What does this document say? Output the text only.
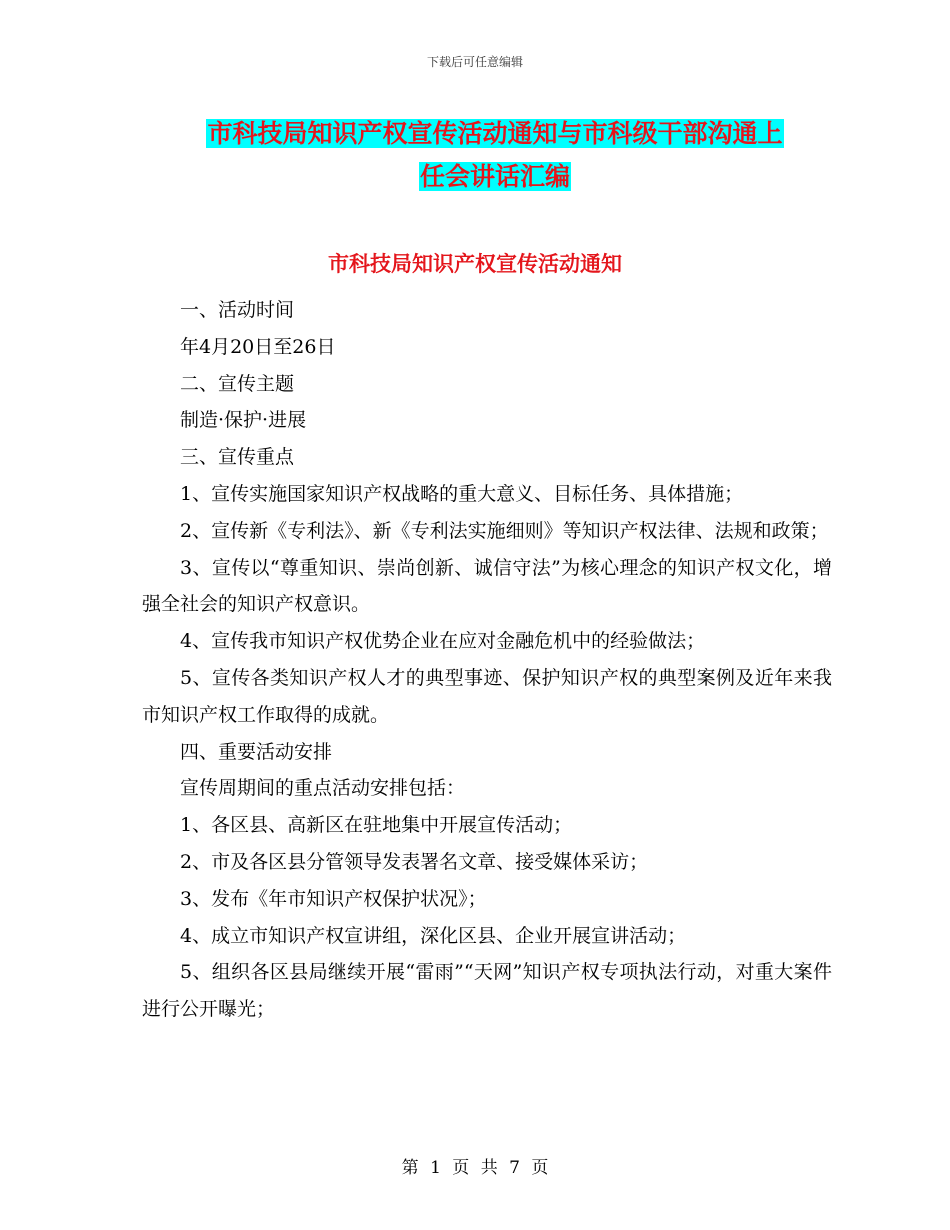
下载后可任意编辑
市科技局知识产权宣传活动通知与市科级干部沟通上
任会讲话汇编
市科技局知识产权宣传活动通知

一、活动时间

年4月20日至26日

二、宣传主题

制造·保护·进展

三、宣传重点

1、宣传实施国家知识产权战略的重大意义、目标任务、具体措施；

2、宣传新《专利法》、新《专利法实施细则》等知识产权法律、法规和政策；

3、宣传以“尊重知识、崇尚创新、诚信守法”为核心理念的知识产权文化，增强全社会的知识产权意识。

4、宣传我市知识产权优势企业在应对金融危机中的经验做法；

5、宣传各类知识产权人才的典型事迹、保护知识产权的典型案例及近年来我市知识产权工作取得的成就。

四、重要活动安排

宣传周期间的重点活动安排包括：

1、各区县、高新区在驻地集中开展宣传活动；

2、市及各区县分管领导发表署名文章、接受媒体采访；

3、发布《年市知识产权保护状况》；

4、成立市知识产权宣讲组，深化区县、企业开展宣讲活动；

5、组织各区县局继续开展“雷雨”“天网”知识产权专项执法行动，对重大案件进行公开曝光；

第 1 页 共 7 页
